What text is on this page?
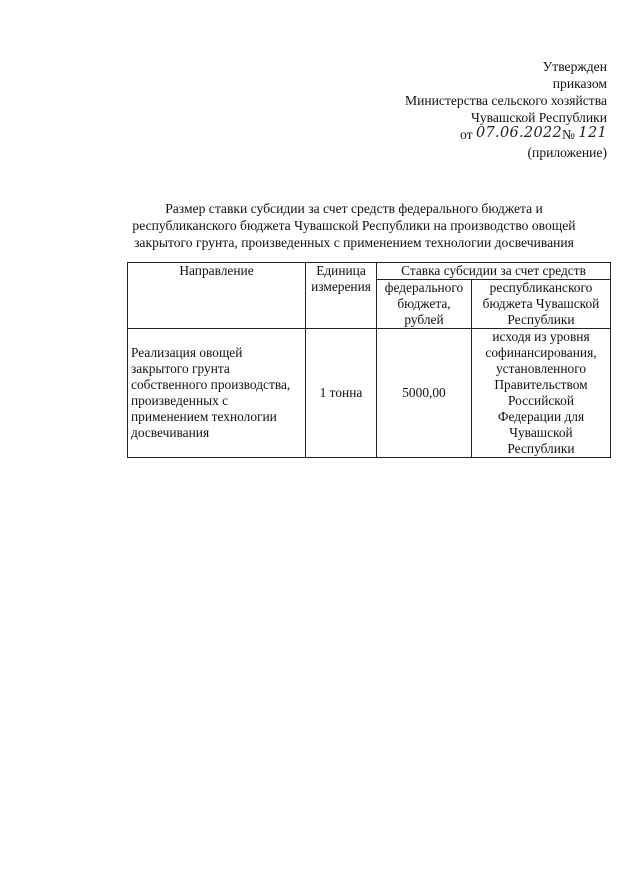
Утвержден
приказом
Министерства сельского хозяйства
Чувашской Республики
от 07.06.2022№ 121
(приложение)
Размер ставки субсидии за счет средств федерального бюджета и республиканского бюджета Чувашской Республики на производство овощей закрытого грунта, произведенных с применением технологии досвечивания
Направление	Единица измерения	Ставка субсидии за счет средств	
		федерального бюджета, рублей	республиканского бюджета Чувашской Республики
Реализация овощей закрытого грунта собственного производства, произведенных с применением технологии досвечивания	1 тонна	5000,00	исходя из уровня софинансирования, установленного Правительством Российской Федерации для Чувашской Республики
